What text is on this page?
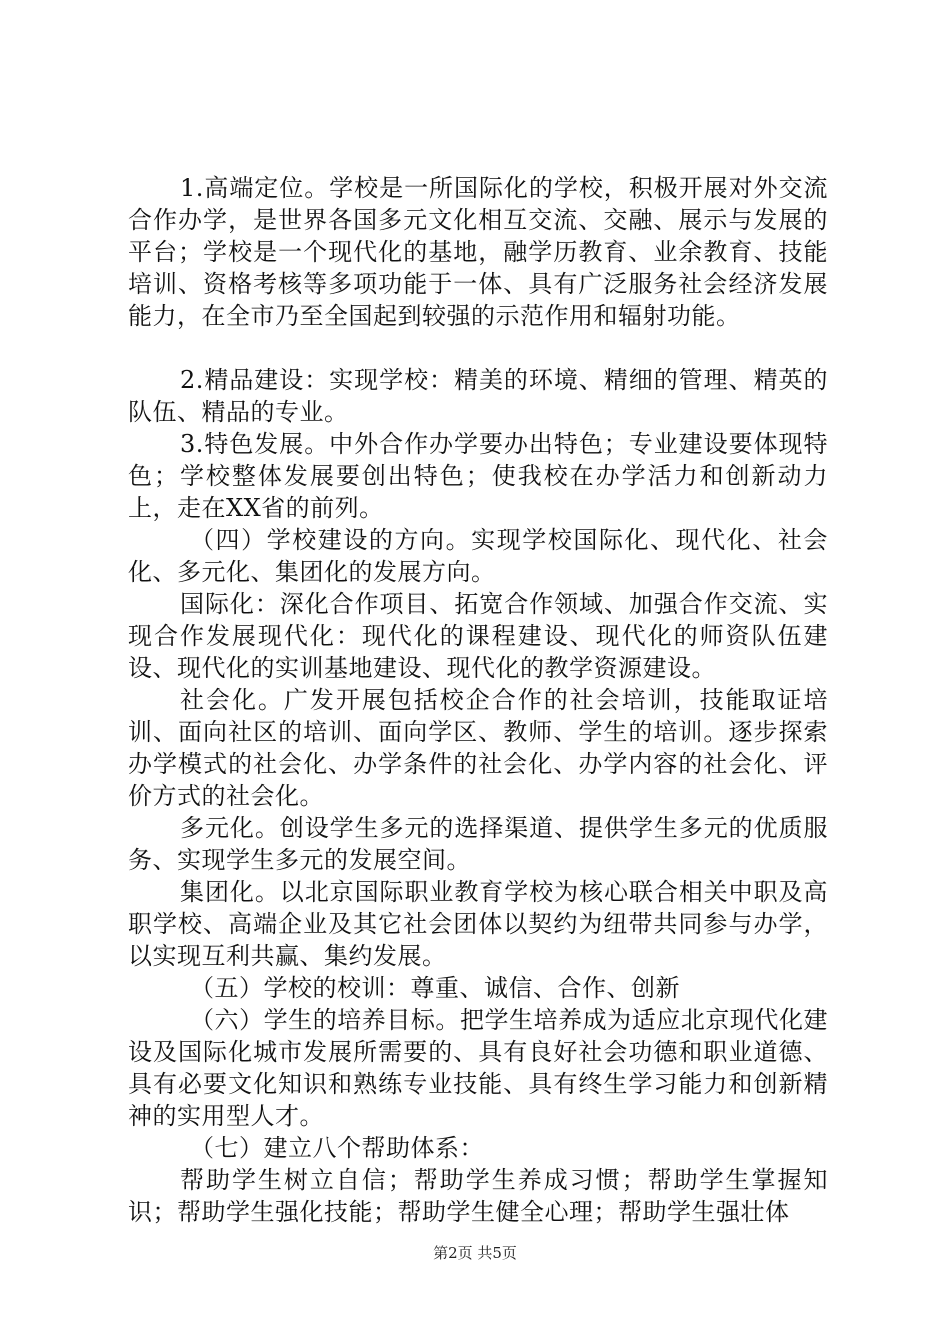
1.高端定位。学校是一所国际化的学校，积极开展对外交流合作办学，是世界各国多元文化相互交流、交融、展示与发展的平台；学校是一个现代化的基地，融学历教育、业余教育、技能培训、资格考核等多项功能于一体、具有广泛服务社会经济发展能力，在全市乃至全国起到较强的示范作用和辐射功能。

2.精品建设：实现学校：精美的环境、精细的管理、精英的队伍、精品的专业。

3.特色发展。中外合作办学要办出特色；专业建设要体现特色；学校整体发展要创出特色；使我校在办学活力和创新动力上，走在XX省的前列。

（四）学校建设的方向。实现学校国际化、现代化、社会化、多元化、集团化的发展方向。

国际化：深化合作项目、拓宽合作领域、加强合作交流、实现合作发展现代化：现代化的课程建设、现代化的师资队伍建设、现代化的实训基地建设、现代化的教学资源建设。

社会化。广发开展包括校企合作的社会培训，技能取证培训、面向社区的培训、面向学区、教师、学生的培训。逐步探索办学模式的社会化、办学条件的社会化、办学内容的社会化、评价方式的社会化。

多元化。创设学生多元的选择渠道、提供学生多元的优质服务、实现学生多元的发展空间。

集团化。以北京国际职业教育学校为核心联合相关中职及高职学校、高端企业及其它社会团体以契约为纽带共同参与办学，以实现互利共赢、集约发展。

（五）学校的校训：尊重、诚信、合作、创新

（六）学生的培养目标。把学生培养成为适应北京现代化建设及国际化城市发展所需要的、具有良好社会功德和职业道德、具有必要文化知识和熟练专业技能、具有终生学习能力和创新精神的实用型人才。

（七）建立八个帮助体系：

帮助学生树立自信；帮助学生养成习惯；帮助学生掌握知识；帮助学生强化技能；帮助学生健全心理；帮助学生强壮体

第2页 共5页
